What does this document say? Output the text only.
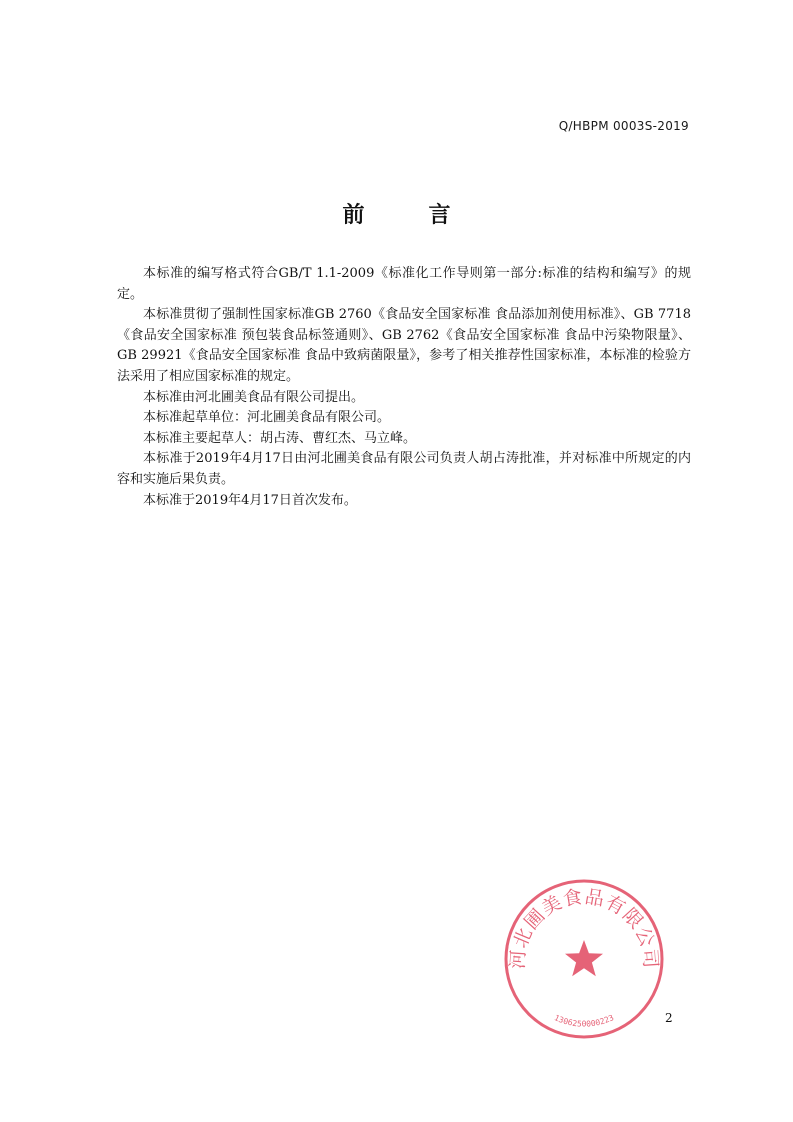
Q/HBPM 0003S-2019
前言

本标准的编写格式符合GB/T 1.1-2009《标准化工作导则第一部分:标准的结构和编写》的规定。

本标准贯彻了强制性国家标准GB 2760《食品安全国家标准 食品添加剂使用标准》、GB 7718《食品安全国家标准 预包装食品标签通则》、GB 2762《食品安全国家标准 食品中污染物限量》、GB 29921《食品安全国家标准 食品中致病菌限量》，参考了相关推荐性国家标准，本标准的检验方法采用了相应国家标准的规定。

本标准由河北圃美食品有限公司提出。

本标准起草单位：河北圃美食品有限公司。

本标准主要起草人：胡占涛、曹红杰、马立峰。

本标准于2019年4月17日由河北圃美食品有限公司负责人胡占涛批准，并对标准中所规定的内容和实施后果负责。

本标准于2019年4月17日首次发布。

河北圃美食品有限公司
1306250000223	2
